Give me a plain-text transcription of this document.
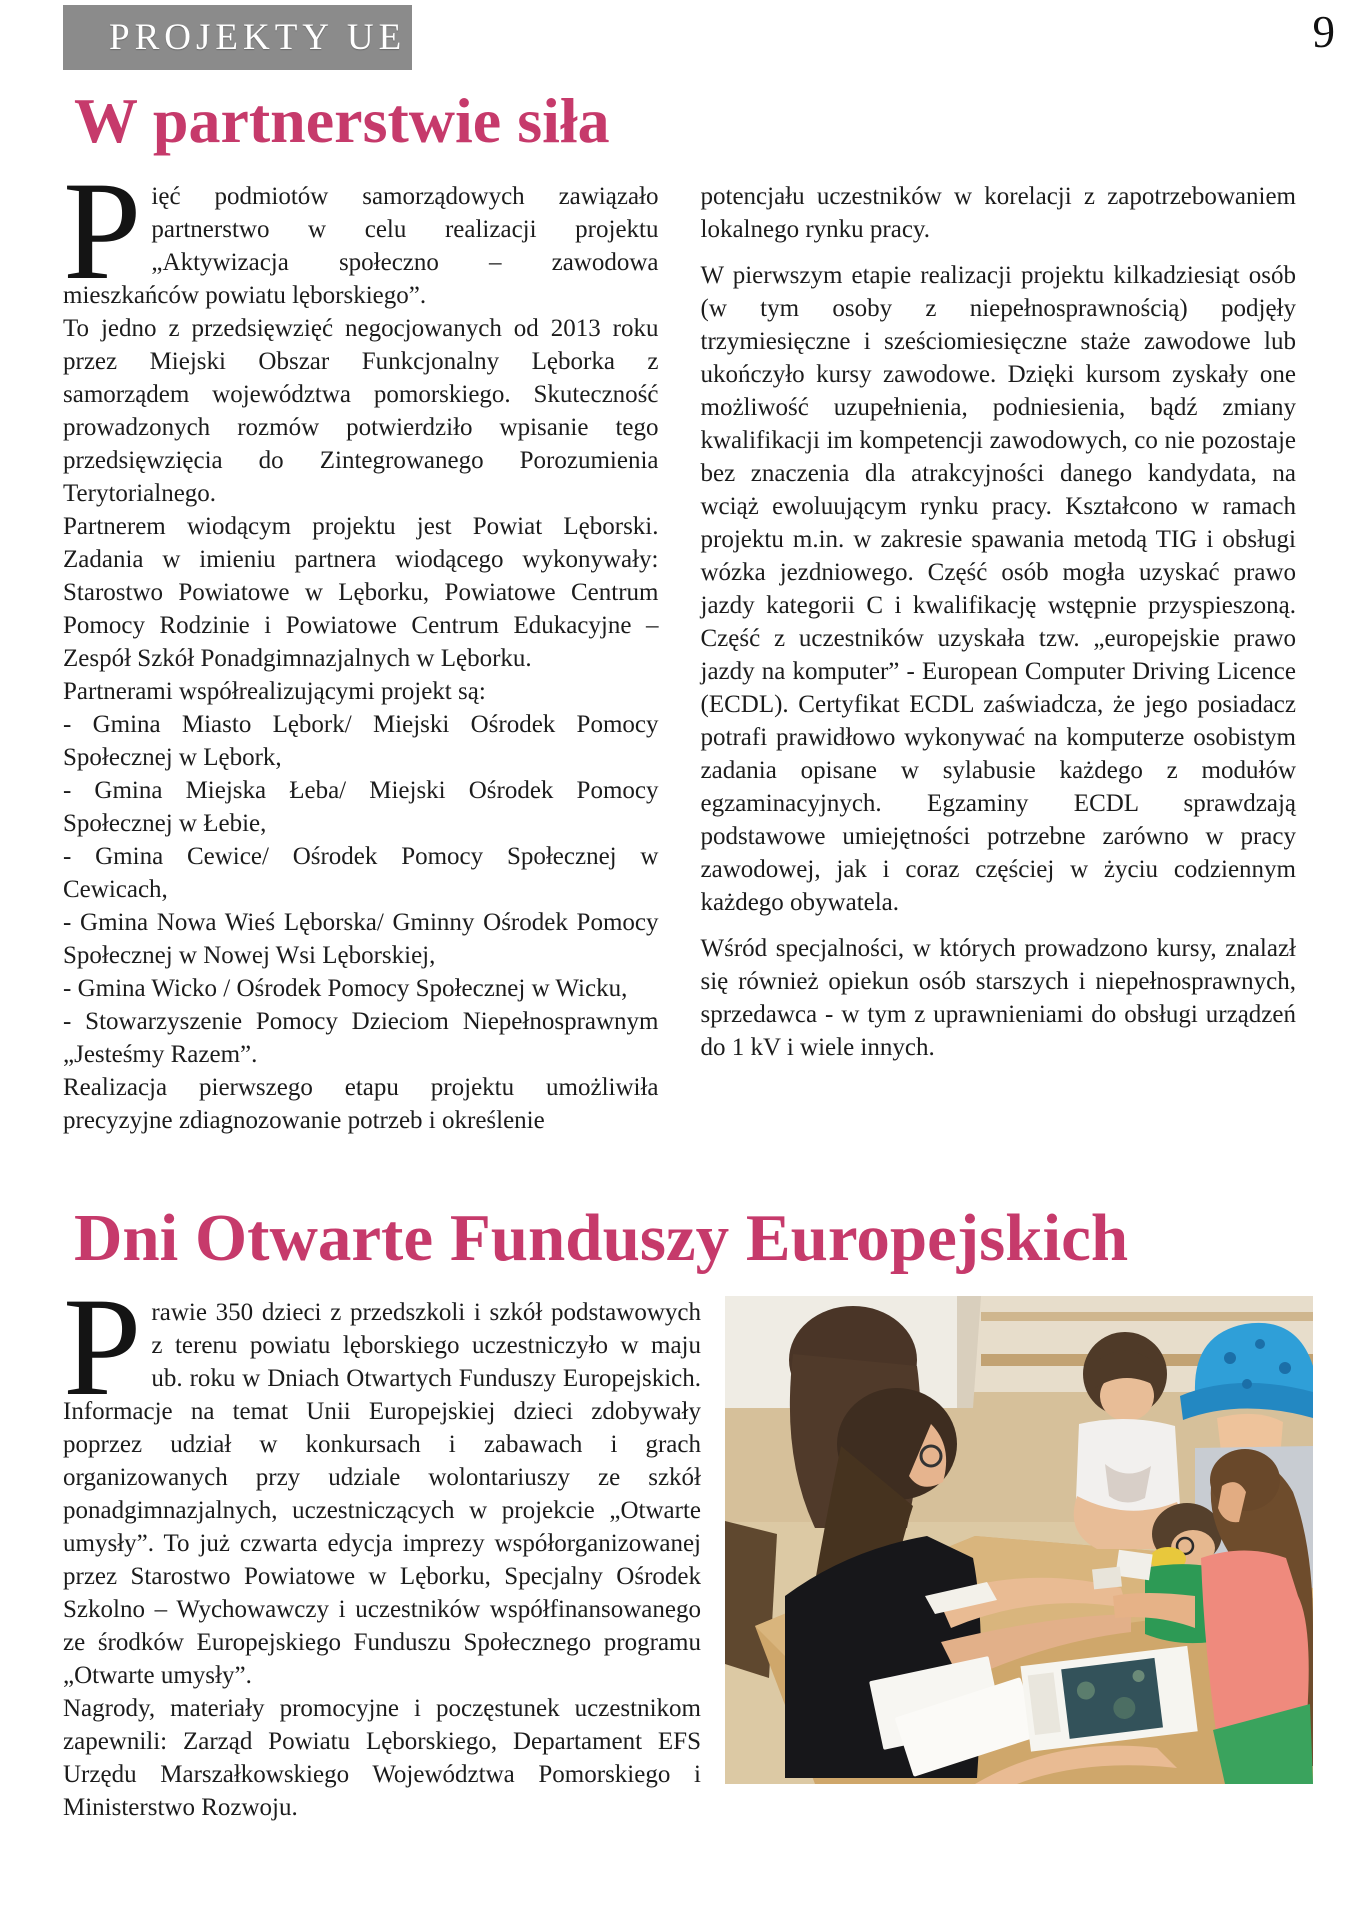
PROJEKTY UE	9
W partnerstwie siła

Pięć podmiotów samorządowych zawiązało partnerstwo w celu realizacji projektu „Aktywizacja społeczno – zawodowa mieszkańców powiatu lęborskiego”.

To jedno z przedsięwzięć negocjowanych od 2013 roku przez Miejski Obszar Funkcjonalny Lęborka z samorządem województwa pomorskiego. Skuteczność prowadzonych rozmów potwierdziło wpisanie tego przedsięwzięcia do Zintegrowanego Porozumienia Terytorialnego.

Partnerem wiodącym projektu jest Powiat Lęborski. Zadania w imieniu partnera wiodącego wykonywały: Starostwo Powiatowe w Lęborku, Powiatowe Centrum Pomocy Rodzinie i Powiatowe Centrum Edukacyjne – Zespół Szkół Ponadgimnazjalnych w Lęborku.

Partnerami współrealizującymi projekt są:

- Gmina Miasto Lębork/ Miejski Ośrodek Pomocy Społecznej w Lębork,

- Gmina Miejska Łeba/ Miejski Ośrodek Pomocy Społecznej w Łebie,

- Gmina Cewice/ Ośrodek Pomocy Społecznej w Cewicach,

- Gmina Nowa Wieś Lęborska/ Gminny Ośrodek Pomocy Społecznej w Nowej Wsi Lęborskiej,

- Gmina Wicko / Ośrodek Pomocy Społecznej w Wicku,

- Stowarzyszenie Pomocy Dzieciom Niepełnosprawnym „Jesteśmy Razem”.

Realizacja pierwszego etapu projektu umożliwiła precyzyjne zdiagnozowanie potrzeb i określenie

potencjału uczestników w korelacji z zapotrzebowaniem lokalnego rynku pracy.

W pierwszym etapie realizacji projektu kilkadziesiąt osób (w tym osoby z niepełnosprawnością) podjęły trzymiesięczne i sześciomiesięczne staże zawodowe lub ukończyło kursy zawodowe. Dzięki kursom zyskały one możliwość uzupełnienia, podniesienia, bądź zmiany kwalifikacji im kompetencji zawodowych, co nie pozostaje bez znaczenia dla atrakcyjności danego kandydata, na wciąż ewoluującym rynku pracy. Kształcono w ramach projektu m.in. w zakresie spawania metodą TIG i obsługi wózka jezdniowego. Część osób mogła uzyskać prawo jazdy kategorii C i kwalifikację wstępnie przyspieszoną. Część z uczestników uzyskała tzw. „europejskie prawo jazdy na komputer” - European Computer Driving Licence (ECDL). Certyfikat ECDL zaświadcza, że jego posiadacz potrafi prawidłowo wykonywać na komputerze osobistym zadania opisane w sylabusie każdego z modułów egzaminacyjnych. Egzaminy ECDL sprawdzają podstawowe umiejętności potrzebne zarówno w pracy zawodowej, jak i coraz częściej w życiu codziennym każdego obywatela.

Wśród specjalności, w których prowadzono kursy, znalazł się również opiekun osób starszych i niepełnosprawnych, sprzedawca - w tym z uprawnieniami do obsługi urządzeń do 1 kV i wiele innych.

Dni Otwarte Funduszy Europejskich

Prawie 350 dzieci z przedszkoli i szkół podstawowych z terenu powiatu lęborskiego uczestniczyło w maju ub. roku w Dniach Otwartych Funduszy Europejskich. Informacje na temat Unii Europejskiej dzieci zdobywały poprzez udział w konkursach i zabawach i grach organizowanych przy udziale wolontariuszy ze szkół ponadgimnazjalnych, uczestniczących w projekcie „Otwarte umysły”. To już czwarta edycja imprezy współorganizowanej przez Starostwo Powiatowe w Lęborku, Specjalny Ośrodek Szkolno – Wychowawczy i uczestników współfinansowanego ze środków Europejskiego Funduszu Społecznego programu „Otwarte umysły”.

Nagrody, materiały promocyjne i poczęstunek uczestnikom zapewnili: Zarząd Powiatu Lęborskiego, Departament EFS Urzędu Marszałkowskiego Województwa Pomorskiego i Ministerstwo Rozwoju.
